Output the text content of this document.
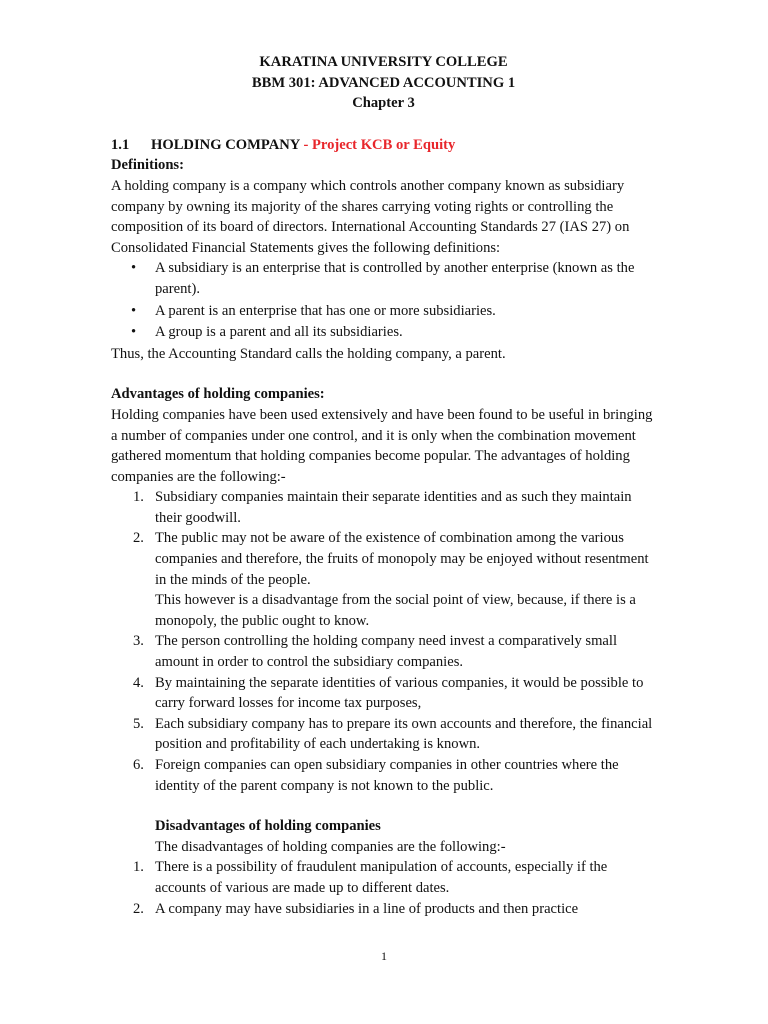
KARATINA UNIVERSITY COLLEGE
BBM 301: ADVANCED ACCOUNTING 1
Chapter 3
1.1 HOLDING COMPANY - Project KCB or Equity
Definitions:

A holding company is a company which controls another company known as subsidiary company by owning its majority of the shares carrying voting rights or controlling the composition of its board of directors. International Accounting Standards 27 (IAS 27) on Consolidated Financial Statements gives the following definitions:

• A subsidiary is an enterprise that is controlled by another enterprise (known as the parent).
• A parent is an enterprise that has one or more subsidiaries.
• A group is a parent and all its subsidiaries.

Thus, the Accounting Standard calls the holding company, a parent.

Advantages of holding companies:

Holding companies have been used extensively and have been found to be useful in bringing a number of companies under one control, and it is only when the combination movement gathered momentum that holding companies become popular. The advantages of holding companies are the following:-

1. Subsidiary companies maintain their separate identities and as such they maintain their goodwill.
2. The public may not be aware of the existence of combination among the various companies and therefore, the fruits of monopoly may be enjoyed without resentment in the minds of the people.
This however is a disadvantage from the social point of view, because, if there is a monopoly, the public ought to know.
3. The person controlling the holding company need invest a comparatively small amount in order to control the subsidiary companies.
4. By maintaining the separate identities of various companies, it would be possible to carry forward losses for income tax purposes,
5. Each subsidiary company has to prepare its own accounts and therefore, the financial position and profitability of each undertaking is known.
6. Foreign companies can open subsidiary companies in other countries where the identity of the parent company is not known to the public.
Disadvantages of holding companies
The disadvantages of holding companies are the following:-
1. There is a possibility of fraudulent manipulation of accounts, especially if the accounts of various are made up to different dates.
2. A company may have subsidiaries in a line of products and then practice
1
